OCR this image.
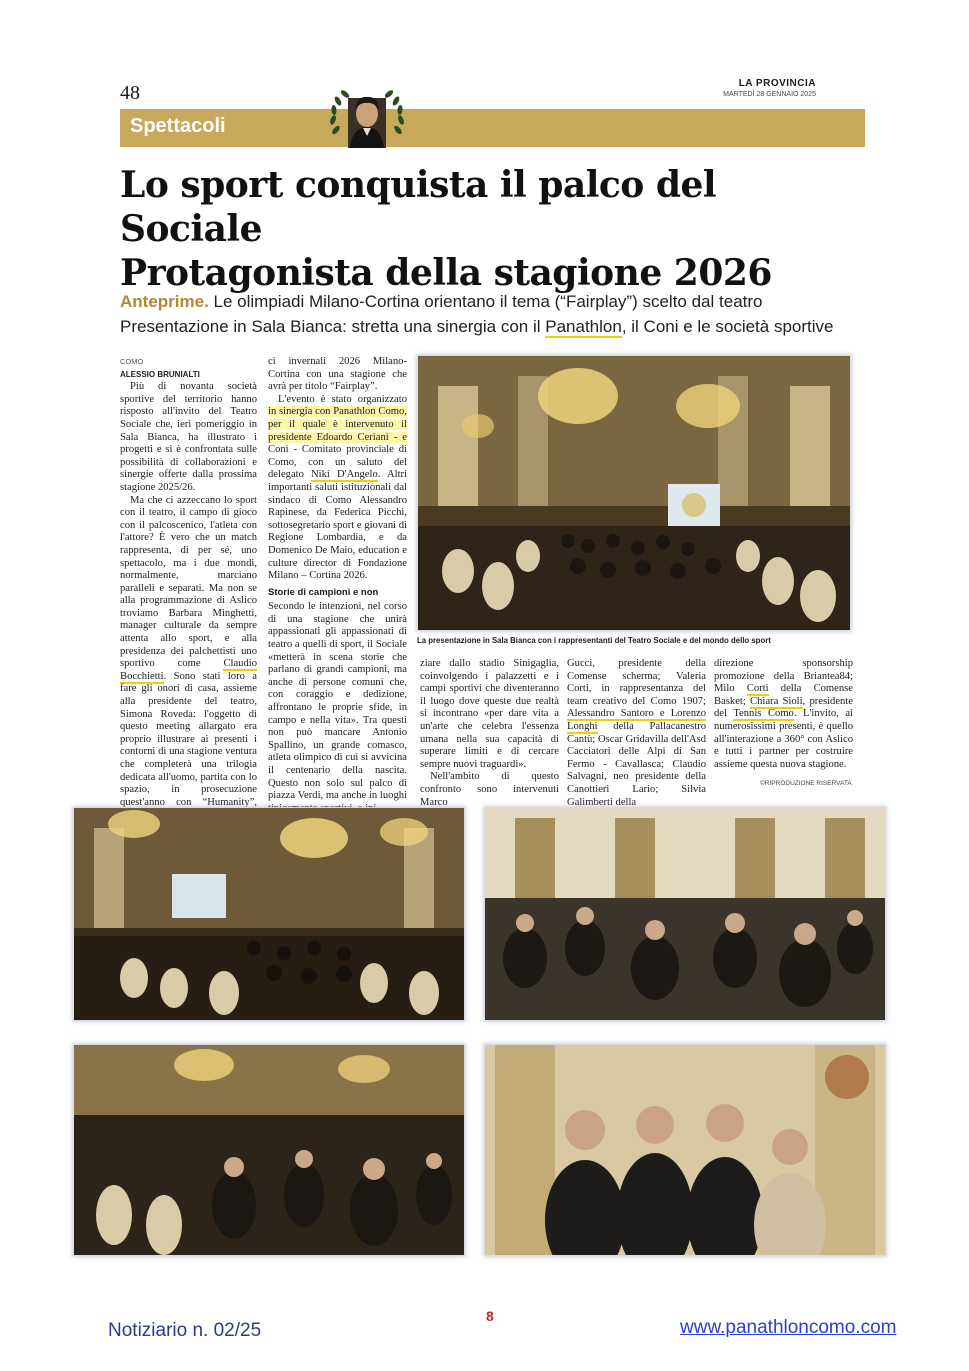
48	LA PROVINCIA
MARTEDÌ 28 GENNAIO 2025
Spettacoli
Lo sport conquista il palco del Sociale
Protagonista della stagione 2026
Anteprime. Le olimpiadi Milano-Cortina orientano il tema (“Fairplay”) scelto dal teatro
Presentazione in Sala Bianca: stretta una sinergia con il Panathlon, il Coni e le società sportive
COMO
ALESSIO BRUNIALTI

Più di novanta società sportive del territorio hanno risposto all'invito del Teatro Sociale che, ieri pomeriggio in Sala Bianca, ha illustrato i progetti e si è confrontata sulle possibilità di collaborazioni e sinergie offerte dalla prossima stagione 2025/26.

Ma che ci azzeccano lo sport con il teatro, il campo di gioco con il palcoscenico, l'atleta con l'attore? È vero che un match rappresenta, di per sé, uno spettacolo, ma i due mondi, normalmente, marciano paralleli e separati. Ma non se alla programmazione di Aslico troviamo Barbara Minghetti, manager culturale da sempre attenta allo sport, e alla presidenza dei palchettisti uno sportivo come Claudio Bocchietti. Sono stati loro a fare gli onori di casa, assieme alla presidente del teatro, Simona Roveda: l'oggetto di questo meeting allargato era proprio illustrare ai presenti i contorni di una stagione ventura che completerà una trilogia dedicata all'uomo, partita con lo spazio, in prosecuzione quest'anno con “Humanity”,

ci invernali 2026 Milano-Cortina con una stagione che avrà per titolo “Fairplay”.

L'evento è stato organizzato in sinergia con Panathlon Como, per il quale è intervenuto il presidente Edoardo Ceriani - e Coni - Comitato provinciale di Como, con un saluto del delegato Niki D'Angelo. Altri importanti saluti istituzionali dal sindaco di Como Alessandro Rapinese, da Federica Picchi, sottosegretario sport e giovani di Regione Lombardia, e da Domenico De Maio, education e culture director di Fondazione Milano – Cortina 2026.

Storie di campioni e non

Secondo le intenzioni, nel corso di una stagione che unirà appassionati gli appassionati di teatro a quelli di sport, il Sociale «metterà in scena storie che parlano di grandi campioni, ma anche di persone comuni che, con coraggio e dedizione, affrontano le proprie sfide, in campo e nella vita». Tra questi non può mancare Antonio Spallino, un grande comasco, atleta olimpico di cui si avvicina il centenario della nascita. Questo non solo sul palco di piazza Verdi, ma anche in luoghi

La presentazione in Sala Bianca con i rappresentanti del Teatro Sociale e del mondo dello sport

ziare dallo stadio Sinigaglia, coinvolgendo i palazzetti e i campi sportivi che diventeranno il luogo dove queste due realtà si incontrano «per dare vita a un'arte che celebra l'essenza umana nella sua capacità di superare limiti e di cercare sempre nuovi traguardi».

Nell'ambito di questo confronto sono intervenuti Marco

Gucci, presidente della Comense scherma; Valeria Corti, in rappresentanza del team creativo del Como 1907; Alessandro Santoro e Lorenzo Longhi della Pallacanestro Cantù; Oscar Gridavilla dell'Asd Cacciatori delle Alpi di San Fermo - Cavallasca; Claudio Salvagni, neo presidente della Canottieri Lario; Silvia Galimberti della

direzione sponsorship promozione della Briantea84; Milo Corti della Comense Basket; Chiara Sioli, presidente del Tennis Como. L'invito, ai numerosissimi presenti, è quello all'interazione a 360° con Aslico e tutti i partner per costruire assieme questa nuova stagione.

©RIPRODUZIONE RISERVATA
Notiziario n. 02/25
8
www.panathloncomo.com
